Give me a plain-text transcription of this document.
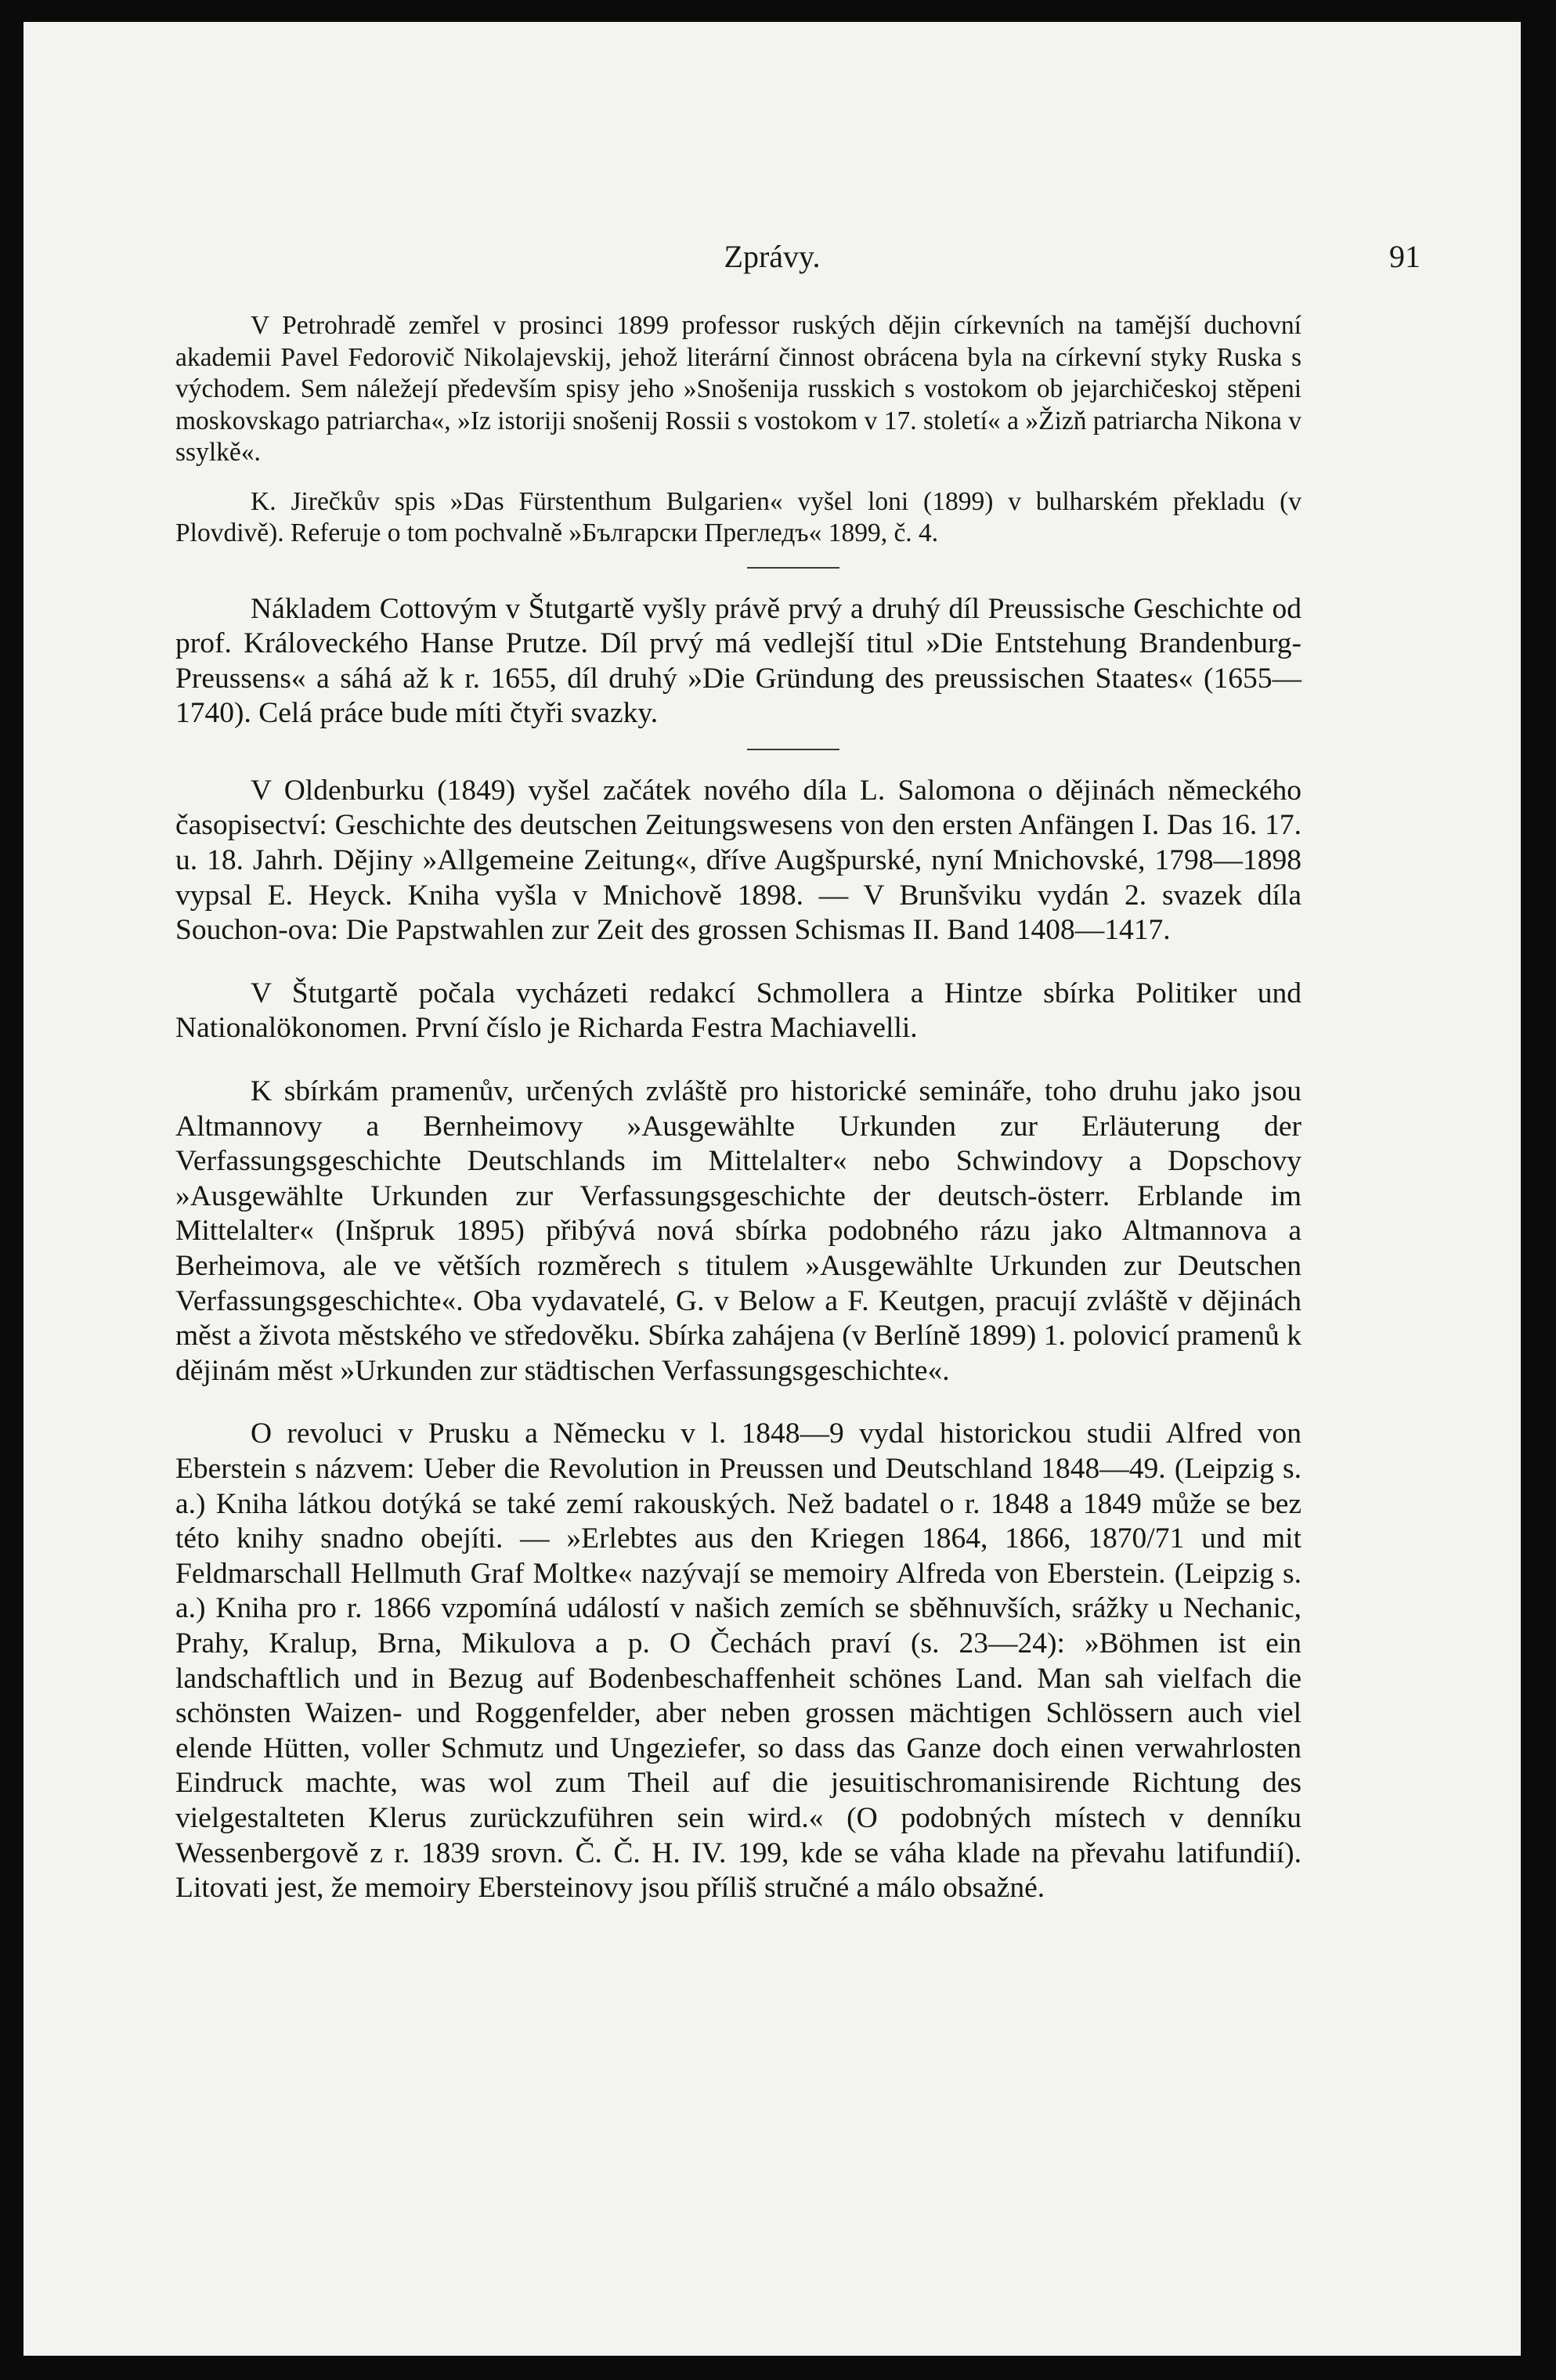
Zprávy.	91

V Petrohradě zemřel v prosinci 1899 professor ruských dějin církevních na tamější duchovní akademii Pavel Fedorovič Nikolajevskij, jehož literární činnost obrácena byla na církevní styky Ruska s východem. Sem náležejí především spisy jeho »Snošenija russkich s vostokom ob jejarchičeskoj stěpeni moskovskago patriarcha«, »Iz istoriji snošenij Rossii s vostokom v 17. století« a »Žizň patriarcha Nikona v ssylkě«.

K. Jirečkův spis »Das Fürstenthum Bulgarien« vyšel loni (1899) v bulharském překladu (v Plovdivě). Referuje o tom pochvalně »Български Прегледъ« 1899, č. 4.

Nákladem Cottovým v Štutgartě vyšly právě prvý a druhý díl Preussische Geschichte od prof. Královeckého Hanse Prutze. Díl prvý má vedlejší titul »Die Entstehung Brandenburg-Preussens« a sáhá až k r. 1655, díl druhý »Die Gründung des preussischen Staates« (1655—1740). Celá práce bude míti čtyři svazky.

V Oldenburku (1849) vyšel začátek nového díla L. Salomona o dějinách německého časopisectví: Geschichte des deutschen Zeitungswesens von den ersten Anfängen I. Das 16. 17. u. 18. Jahrh. Dějiny »Allgemeine Zeitung«, dříve Augšpurské, nyní Mnichovské, 1798—1898 vypsal E. Heyck. Kniha vyšla v Mnichově 1898. — V Brunšviku vydán 2. svazek díla Souchon-ova: Die Papstwahlen zur Zeit des grossen Schismas II. Band 1408—1417.

V Štutgartě počala vycházeti redakcí Schmollera a Hintze sbírka Politiker und Nationalökonomen. První číslo je Richarda Festra Machiavelli.

K sbírkám pramenův, určených zvláště pro historické semináře, toho druhu jako jsou Altmannovy a Bernheimovy »Ausgewählte Urkunden zur Erläuterung der Verfassungsgeschichte Deutschlands im Mittelalter« nebo Schwindovy a Dopschovy »Ausgewählte Urkunden zur Verfassungsgeschichte der deutsch-österr. Erblande im Mittelalter« (Inšpruk 1895) přibývá nová sbírka podobného rázu jako Altmannova a Berheimova, ale ve větších rozměrech s titulem »Ausgewählte Urkunden zur Deutschen Verfassungsgeschichte«. Oba vydavatelé, G. v Below a F. Keutgen, pracují zvláště v dějinách měst a života městského ve středověku. Sbírka zahájena (v Berlíně 1899) 1. polovicí pramenů k dějinám měst »Urkunden zur städtischen Verfassungsgeschichte«.

O revoluci v Prusku a Německu v l. 1848—9 vydal historickou studii Alfred von Eberstein s názvem: Ueber die Revolution in Preussen und Deutschland 1848—49. (Leipzig s. a.) Kniha látkou dotýká se také zemí rakouských. Než badatel o r. 1848 a 1849 může se bez této knihy snadno obejíti. — »Erlebtes aus den Kriegen 1864, 1866, 1870/71 und mit Feldmarschall Hellmuth Graf Moltke« nazývají se memoiry Alfreda von Eberstein. (Leipzig s. a.) Kniha pro r. 1866 vzpomíná událostí v našich zemích se sběhnuvších, srážky u Nechanic, Prahy, Kralup, Brna, Mikulova a p. O Čechách praví (s. 23—24): »Böhmen ist ein landschaftlich und in Bezug auf Bodenbeschaffenheit schönes Land. Man sah vielfach die schönsten Waizen- und Roggenfelder, aber neben grossen mächtigen Schlössern auch viel elende Hütten, voller Schmutz und Ungeziefer, so dass das Ganze doch einen verwahrlosten Eindruck machte, was wol zum Theil auf die jesuitischromanisirende Richtung des vielgestalteten Klerus zurückzuführen sein wird.« (O podobných místech v denníku Wessenbergově z r. 1839 srovn. Č. Č. H. IV. 199, kde se váha klade na převahu latifundií). Litovati jest, že memoiry Ebersteinovy jsou příliš stručné a málo obsažné.
